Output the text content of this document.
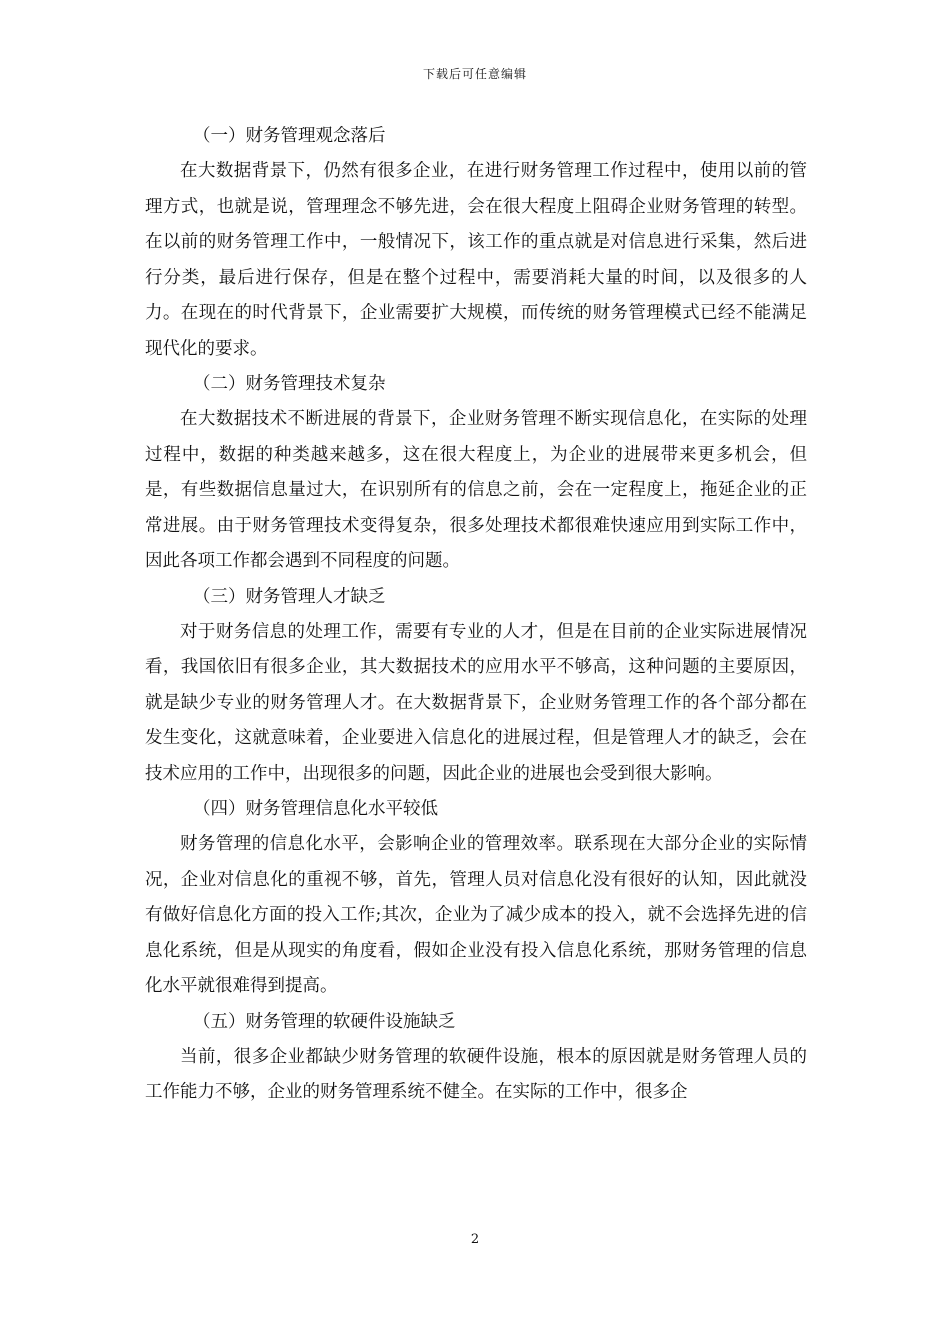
下载后可任意编辑
（一）财务管理观念落后

在大数据背景下，仍然有很多企业，在进行财务管理工作过程中，使用以前的管理方式，也就是说，管理理念不够先进，会在很大程度上阻碍企业财务管理的转型。在以前的财务管理工作中，一般情况下，该工作的重点就是对信息进行采集，然后进行分类，最后进行保存，但是在整个过程中，需要消耗大量的时间，以及很多的人力。在现在的时代背景下，企业需要扩大规模，而传统的财务管理模式已经不能满足现代化的要求。

（二）财务管理技术复杂

在大数据技术不断进展的背景下，企业财务管理不断实现信息化，在实际的处理过程中，数据的种类越来越多，这在很大程度上，为企业的进展带来更多机会，但是，有些数据信息量过大，在识别所有的信息之前，会在一定程度上，拖延企业的正常进展。由于财务管理技术变得复杂，很多处理技术都很难快速应用到实际工作中，因此各项工作都会遇到不同程度的问题。

（三）财务管理人才缺乏

对于财务信息的处理工作，需要有专业的人才，但是在目前的企业实际进展情况看，我国依旧有很多企业，其大数据技术的应用水平不够高，这种问题的主要原因，就是缺少专业的财务管理人才。在大数据背景下，企业财务管理工作的各个部分都在发生变化，这就意味着，企业要进入信息化的进展过程，但是管理人才的缺乏，会在技术应用的工作中，出现很多的问题，因此企业的进展也会受到很大影响。

（四）财务管理信息化水平较低

财务管理的信息化水平，会影响企业的管理效率。联系现在大部分企业的实际情况，企业对信息化的重视不够，首先，管理人员对信息化没有很好的认知，因此就没有做好信息化方面的投入工作;其次，企业为了减少成本的投入，就不会选择先进的信息化系统，但是从现实的角度看，假如企业没有投入信息化系统，那财务管理的信息化水平就很难得到提高。

（五）财务管理的软硬件设施缺乏

当前，很多企业都缺少财务管理的软硬件设施，根本的原因就是财务管理人员的工作能力不够，企业的财务管理系统不健全。在实际的工作中，很多企

2
